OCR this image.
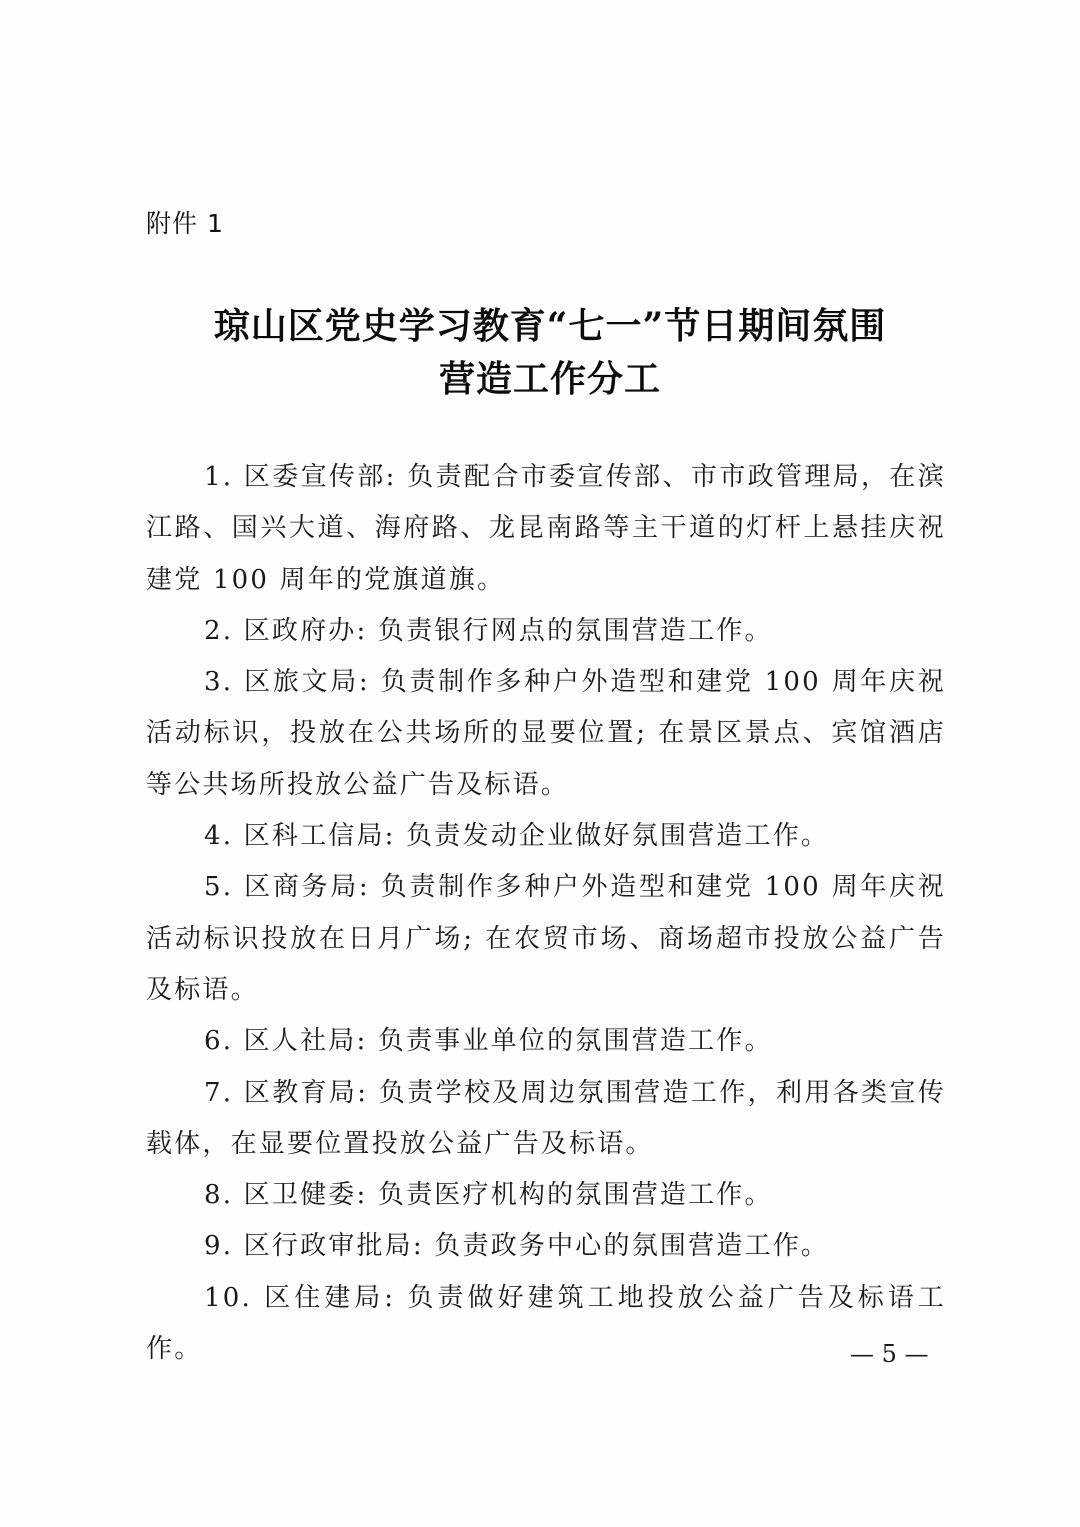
附件 1
琼山区党史学习教育“七一”节日期间氛围
营造工作分工

1. 区委宣传部: 负责配合市委宣传部、市市政管理局，在滨江路、国兴大道、海府路、龙昆南路等主干道的灯杆上悬挂庆祝建党 100 周年的党旗道旗。

2. 区政府办: 负责银行网点的氛围营造工作。

3. 区旅文局: 负责制作多种户外造型和建党 100 周年庆祝活动标识，投放在公共场所的显要位置; 在景区景点、宾馆酒店等公共场所投放公益广告及标语。

4. 区科工信局: 负责发动企业做好氛围营造工作。

5. 区商务局: 负责制作多种户外造型和建党 100 周年庆祝活动标识投放在日月广场; 在农贸市场、商场超市投放公益广告及标语。

6. 区人社局: 负责事业单位的氛围营造工作。

7. 区教育局: 负责学校及周边氛围营造工作，利用各类宣传载体，在显要位置投放公益广告及标语。

8. 区卫健委: 负责医疗机构的氛围营造工作。

9. 区行政审批局: 负责政务中心的氛围营造工作。

10. 区住建局: 负责做好建筑工地投放公益广告及标语工作。	— 5 —
